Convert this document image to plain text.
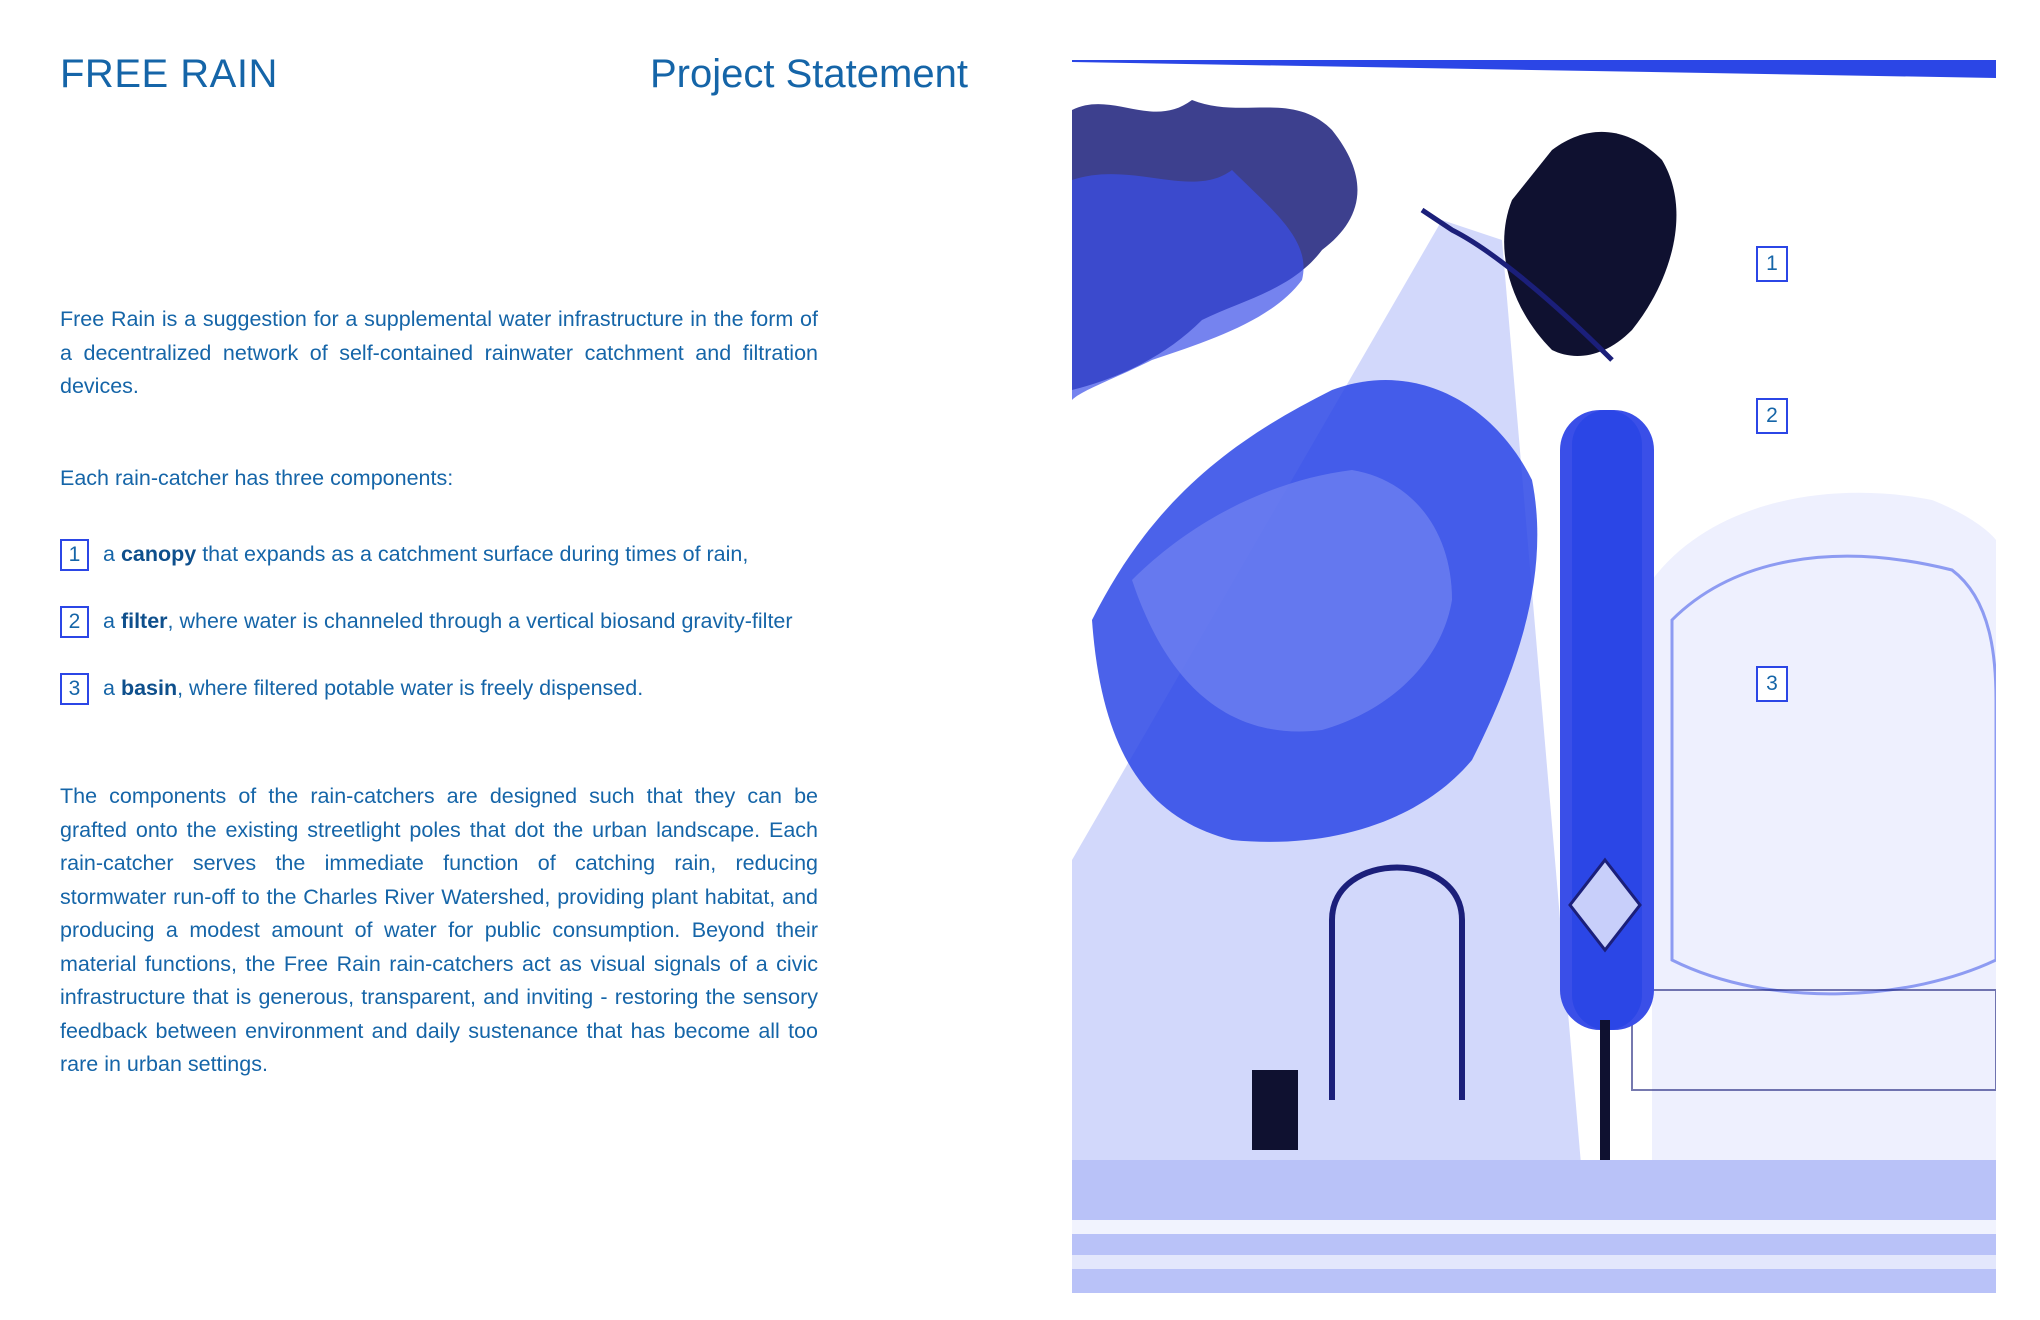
FREE RAIN	Project Statement

Free Rain is a suggestion for a supplemental water infrastructure in the form of a decentralized network of self-contained rainwater catchment and filtration devices.

Each rain-catcher has three components:

1	a canopy that expands as a catchment surface during times of rain,
2	a filter, where water is channeled through a vertical biosand gravity-filter
3	a basin, where filtered potable water is freely dispensed.

The components of the rain-catchers are designed such that they can be grafted onto the existing streetlight poles that dot the urban landscape. Each rain-catcher serves the immediate function of catching rain, reducing stormwater run-off to the Charles River Watershed, providing plant habitat, and producing a modest amount of water for public consumption. Beyond their material functions, the Free Rain rain-catchers act as visual signals of a civic infrastructure that is generous, transparent, and inviting - restoring the sensory feedback between environment and daily sustenance that has become all too rare in urban settings.

1
2
3
